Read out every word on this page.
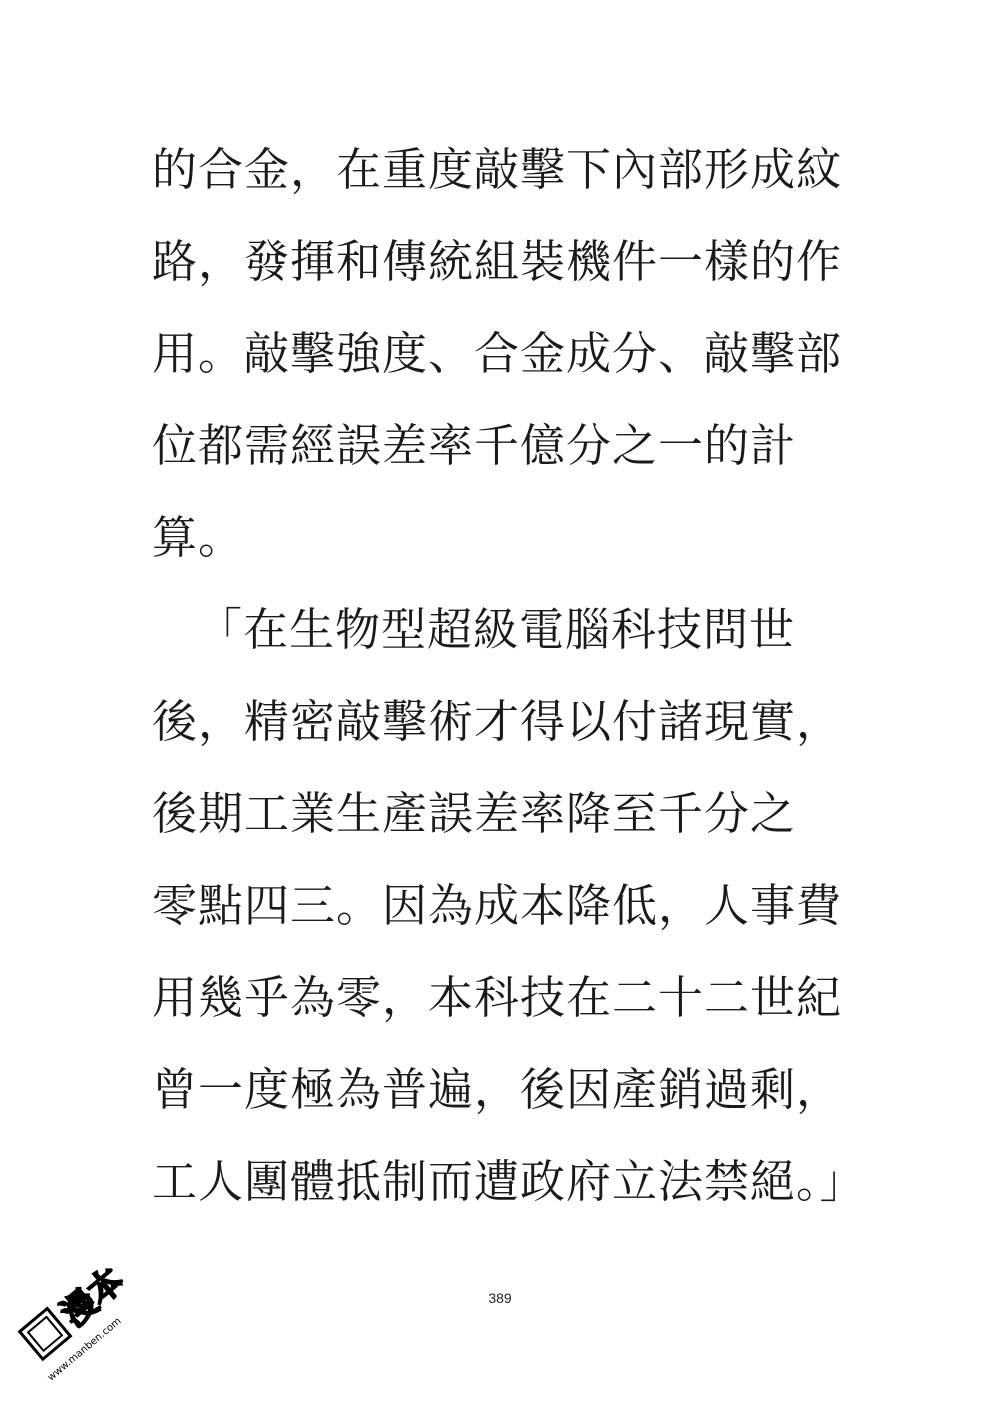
的合金，在重度敲擊下內部形成紋
路，發揮和傳統組裝機件一樣的作
用。敲擊強度、合金成分、敲擊部
位都需經誤差率千億分之一的計
算。
「在生物型超級電腦科技問世
後，精密敲擊術才得以付諸現實，
後期工業生產誤差率降至千分之
零點四三。因為成本降低，人事費
用幾乎為零，本科技在二十二世紀
曾一度極為普遍，後因產銷過剩，
工人團體抵制而遭政府立法禁絕。」
389
漫本
www.manben.com
